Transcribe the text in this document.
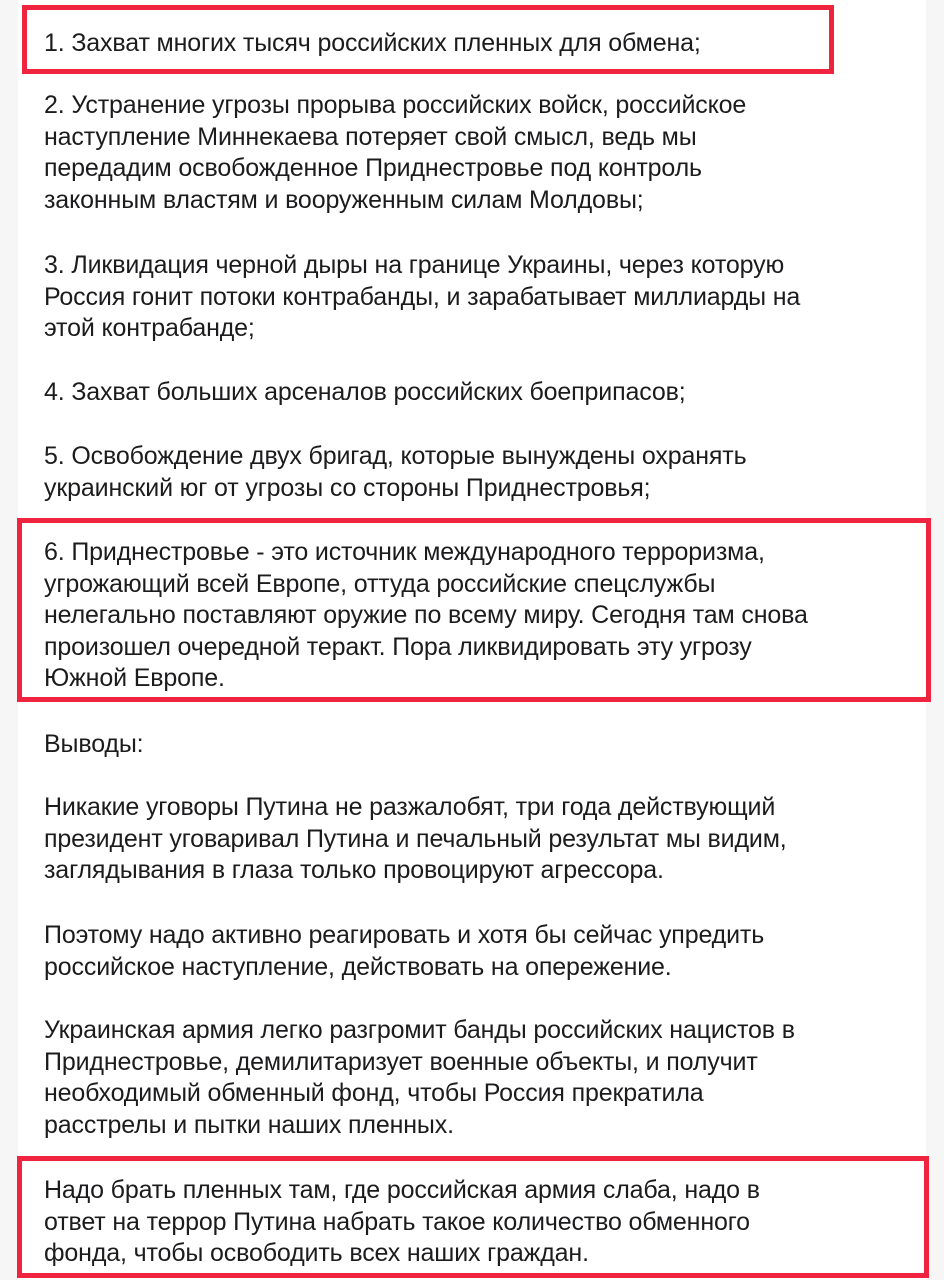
1. Захват многих тысяч российских пленных для обмена;

2. Устранение угрозы прорыва российских войск, российское
наступление Миннекаева потеряет свой смысл, ведь мы
передадим освобожденное Приднестровье под контроль
законным властям и вооруженным силам Молдовы;

3. Ликвидация черной дыры на границе Украины, через которую
Россия гонит потоки контрабанды, и зарабатывает миллиарды на
этой контрабанде;

4. Захват больших арсеналов российских боеприпасов;

5. Освобождение двух бригад, которые вынуждены охранять
украинский юг от угрозы со стороны Приднестровья;

6. Приднестровье - это источник международного терроризма,
угрожающий всей Европе, оттуда российские спецслужбы
нелегально поставляют оружие по всему миру. Сегодня там снова
произошел очередной теракт. Пора ликвидировать эту угрозу
Южной Европе.

Выводы:

Никакие уговоры Путина не разжалобят, три года действующий
президент уговаривал Путина и печальный результат мы видим,
заглядывания в глаза только провоцируют агрессора.

Поэтому надо активно реагировать и хотя бы сейчас упредить
российское наступление, действовать на опережение.

Украинская армия легко разгромит банды российских нацистов в
Приднестровье, демилитаризует военные объекты, и получит
необходимый обменный фонд, чтобы Россия прекратила
расстрелы и пытки наших пленных.

Надо брать пленных там, где российская армия слаба, надо в
ответ на террор Путина набрать такое количество обменного
фонда, чтобы освободить всех наших граждан.
